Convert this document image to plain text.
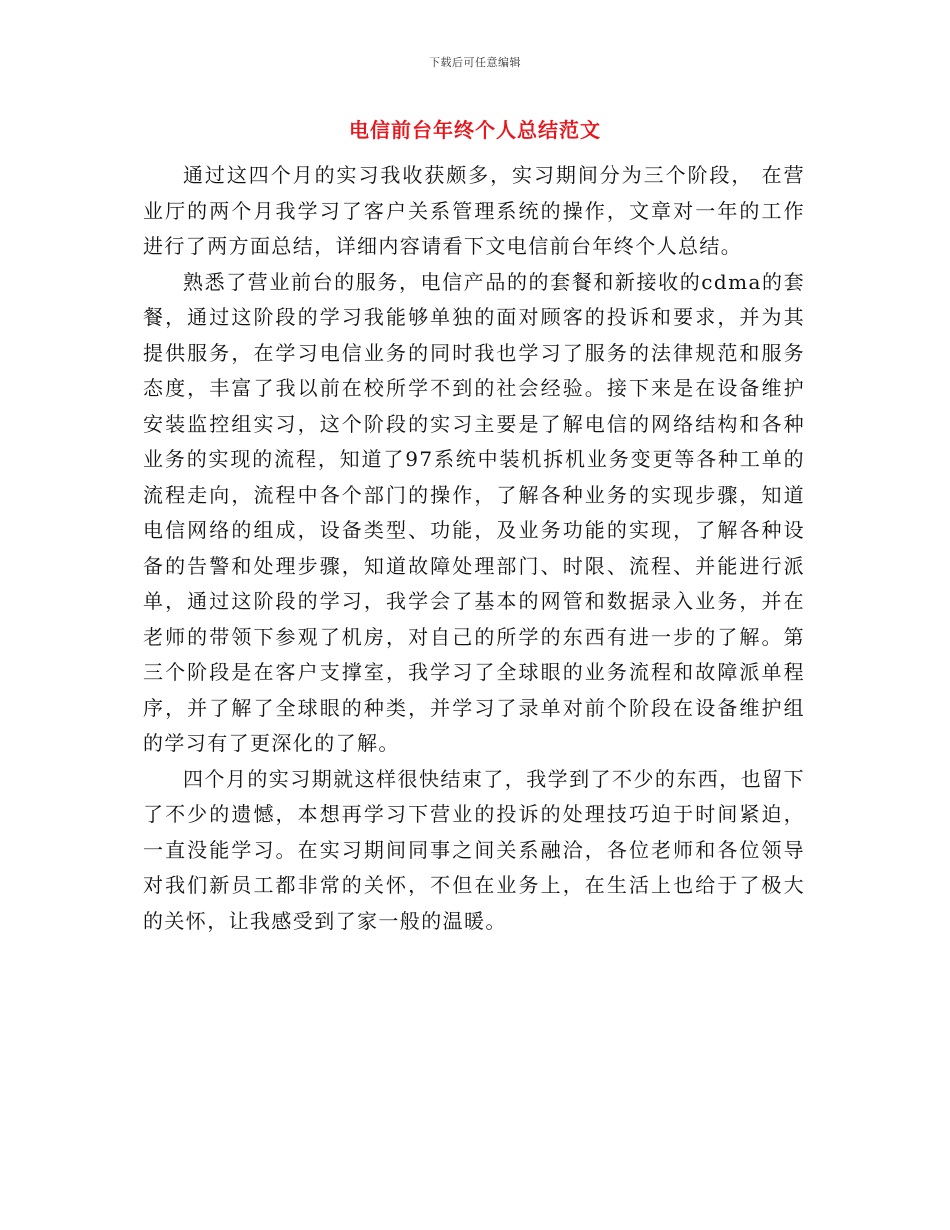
下载后可任意编辑
电信前台年终个人总结范文

通过这四个月的实习我收获颇多，实习期间分为三个阶段， 在营业厅的两个月我学习了客户关系管理系统的操作，文章对一年的工作进行了两方面总结，详细内容请看下文电信前台年终个人总结。

熟悉了营业前台的服务，电信产品的的套餐和新接收的cdma的套餐，通过这阶段的学习我能够单独的面对顾客的投诉和要求，并为其提供服务，在学习电信业务的同时我也学习了服务的法律规范和服务态度，丰富了我以前在校所学不到的社会经验。接下来是在设备维护安装监控组实习，这个阶段的实习主要是了解电信的网络结构和各种业务的实现的流程，知道了97系统中装机拆机业务变更等各种工单的流程走向，流程中各个部门的操作，了解各种业务的实现步骤，知道电信网络的组成，设备类型、功能，及业务功能的实现，了解各种设备的告警和处理步骤，知道故障处理部门、时限、流程、并能进行派单，通过这阶段的学习，我学会了基本的网管和数据录入业务，并在老师的带领下参观了机房，对自己的所学的东西有进一步的了解。第三个阶段是在客户支撑室，我学习了全球眼的业务流程和故障派单程序，并了解了全球眼的种类，并学习了录单对前个阶段在设备维护组的学习有了更深化的了解。

四个月的实习期就这样很快结束了，我学到了不少的东西，也留下了不少的遗憾，本想再学习下营业的投诉的处理技巧迫于时间紧迫，一直没能学习。在实习期间同事之间关系融洽，各位老师和各位领导对我们新员工都非常的关怀，不但在业务上，在生活上也给于了极大的关怀，让我感受到了家一般的温暖。
